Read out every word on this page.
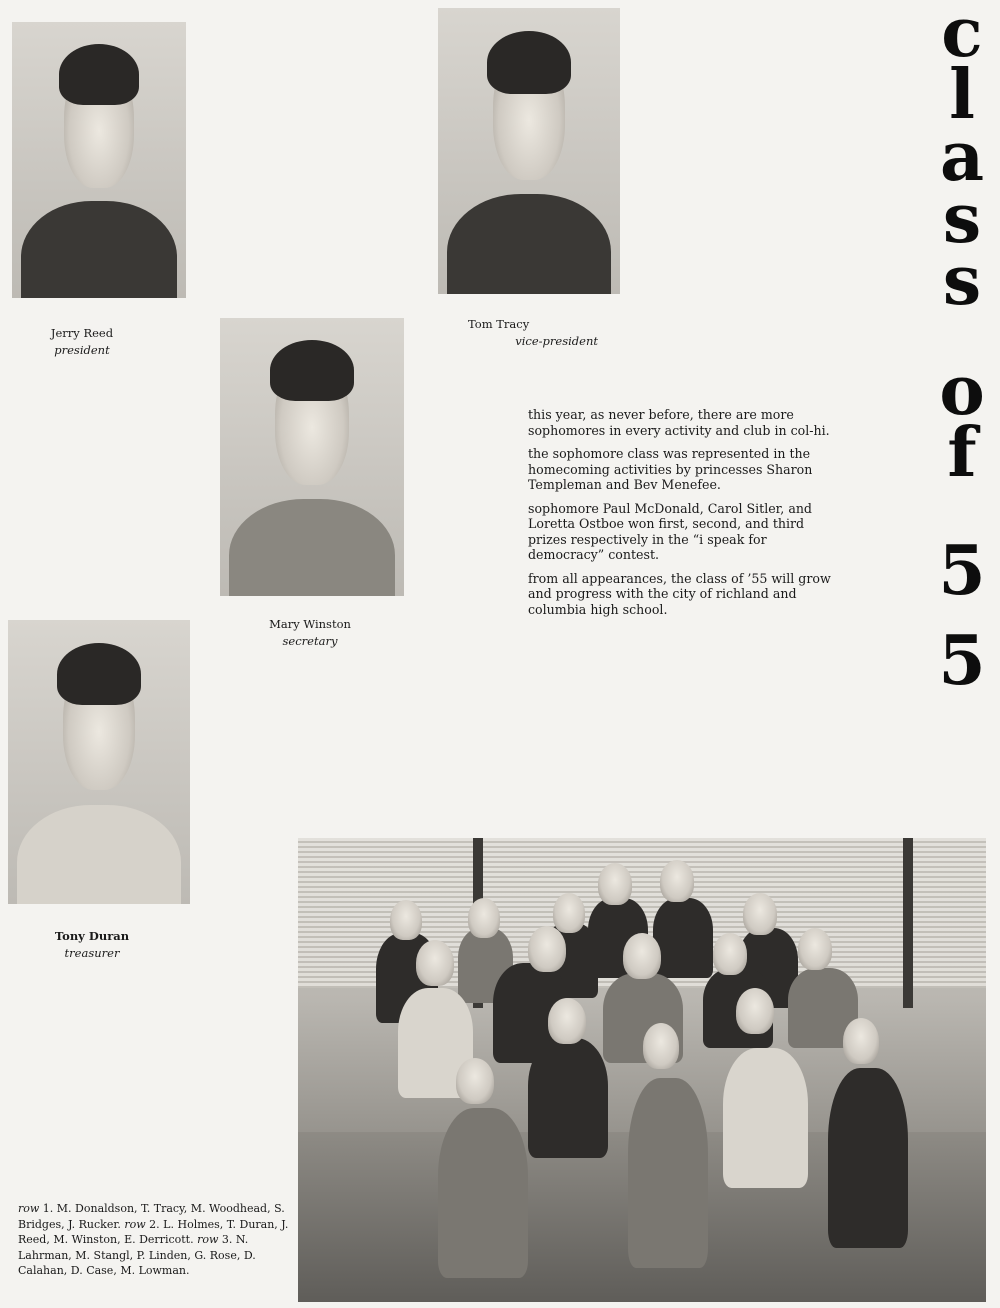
Jerry Reed
president
Tom Tracy
vice-president
Mary Winston
secretary
Tony Duran
treasurer

this year, as never before, there are more sophomores in every activity and club in col-hi.

the sophomore class was represented in the homecoming activities by princesses Sharon Templeman and Bev Menefee.

sophomore Paul McDonald, Carol Sitler, and Loretta Ostboe won first, second, and third prizes respectively in the “i speak for democracy” contest.

from all appearances, the class of ’55 will grow and progress with the city of richland and columbia high school.

c
l
a
s
s
o
f
5
5
row 1. M. Donaldson, T. Tracy, M. Woodhead, S. Bridges, J. Rucker. row 2. L. Holmes, T. Duran, J. Reed, M. Winston, E. Derricott. row 3. N. Lahrman, M. Stangl, P. Linden, G. Rose, D. Calahan, D. Case, M. Lowman.
